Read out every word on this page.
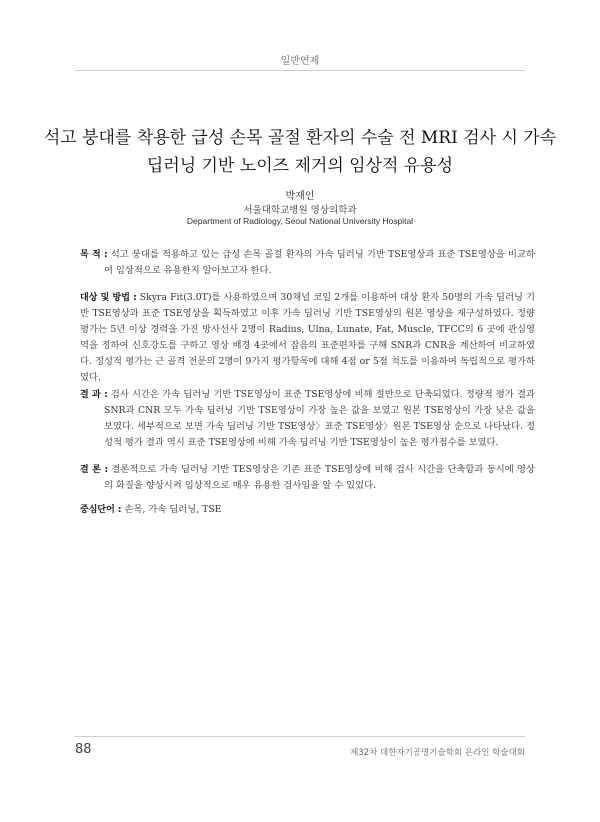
일반연제
석고 붕대를 착용한 급성 손목 골절 환자의 수술 전 MRI 검사 시 가속
딥러닝 기반 노이즈 제거의 임상적 유용성
박재인
서울대학교병원 영상의학과
Department of Radiology, Seoul National University Hospital
목 적 : 석고 붕대를 적용하고 있는 급성 손목 골절 환자의 가속 딥러닝 기반 TSE영상과 표준 TSE영상을 비교하여 임상적으로 유용한지 알아보고자 한다.
대상 및 방법 : Skyra Fit(3.0T)를 사용하였으며 30채널 코일 2개를 이용하여 대상 환자 50명의 가속 딥러닝 기반 TSE영상과 표준 TSE영상을 획득하였고 이후 가속 딥러닝 기반 TSE영상의 원본 영상을 재구성하였다. 정량 평가는 5년 이상 경력을 가진 방사선사 2명이 Radius, Ulna, Lunate, Fat, Muscle, TFCC의 6 곳에 관심영역을 정하여 신호강도를 구하고 영상 배경 4곳에서 잡음의 표준편차를 구해 SNR과 CNR을 계산하여 비교하였다. 정성적 평가는 근 골격 전문의 2명이 9가지 평가항목에 대해 4점 or 5점 척도를 이용하여 독립적으로 평가하였다.
결 과 : 검사 시간은 가속 딥러닝 기반 TSE영상이 표준 TSE영상에 비해 절반으로 단축되었다. 정량적 평가 결과 SNR과 CNR 모두 가속 딥러닝 기반 TSE영상이 가장 높은 값을 보였고 원본 TSE영상이 가장 낮은 값을 보였다. 세부적으로 보면 가속 딥러닝 기반 TSE영상〉표준 TSE영상〉원본 TSE영상 순으로 나타났다. 정성적 평가 결과 역시 표준 TSE영상에 비해 가속 딥러닝 기반 TSE영상이 높은 평가점수를 보였다.
결 론 : 결론적으로 가속 딥러닝 기반 TES영상은 기존 표준 TSE영상에 비해 검사 시간을 단축함과 동시에 영상의 화질을 향상시켜 임상적으로 매우 유용한 검사임을 알 수 있었다.
중심단어 : 손목, 가속 딥러닝, TSE
88	제32차 대한자기공명기술학회 온라인 학술대회
